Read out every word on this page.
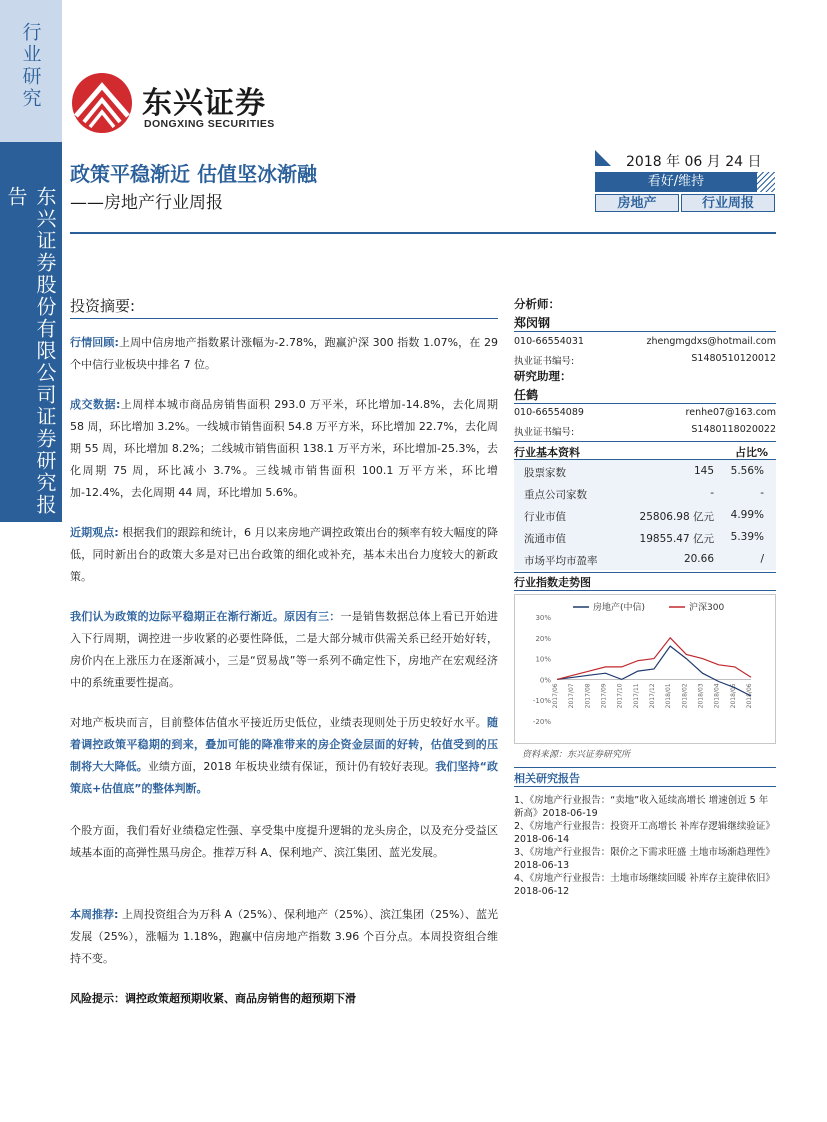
行业研究
东兴证券股份有限公司证券研究报告
东兴证券
DONGXING SECURITIES
政策平稳渐近 估值坚冰渐融
——房地产行业周报
2018 年 06 月 24 日
看好/维持
房地产	行业周报
投资摘要:
行情回顾:上周中信房地产指数累计涨幅为-2.78%，跑赢沪深 300 指数 1.07%，在 29 个中信行业板块中排名 7 位。
成交数据:上周样本城市商品房销售面积 293.0 万平米，环比增加-14.8%，去化周期 58 周，环比增加 3.2%。一线城市销售面积 54.8 万平方米，环比增加 22.7%，去化周期 55 周，环比增加 8.2%；二线城市销售面积 138.1 万平方米，环比增加-25.3%，去化周期 75 周，环比减小 3.7%。三线城市销售面积 100.1 万平方米，环比增加-12.4%，去化周期 44 周，环比增加 5.6%。
近期观点: 根据我们的跟踪和统计，6 月以来房地产调控政策出台的频率有较大幅度的降低，同时新出台的政策大多是对已出台政策的细化或补充，基本未出台力度较大的新政策。
我们认为政策的边际平稳期正在渐行渐近。原因有三：一是销售数据总体上看已开始进入下行周期，调控进一步收紧的必要性降低，二是大部分城市供需关系已经开始好转，房价内在上涨压力在逐渐减小，三是“贸易战”等一系列不确定性下，房地产在宏观经济中的系统重要性提高。
对地产板块而言，目前整体估值水平接近历史低位，业绩表现则处于历史较好水平。随着调控政策平稳期的到来，叠加可能的降准带来的房企资金层面的好转，估值受到的压制将大大降低。业绩方面，2018 年板块业绩有保证，预计仍有较好表现。我们坚持“政策底+估值底”的整体判断。
个股方面，我们看好业绩稳定性强、享受集中度提升逻辑的龙头房企，以及充分受益区域基本面的高弹性黑马房企。推荐万科 A、保利地产、滨江集团、蓝光发展。
本周推荐: 上周投资组合为万科 A（25%）、保利地产（25%）、滨江集团（25%）、蓝光发展（25%），涨幅为 1.18%，跑赢中信房地产指数 3.96 个百分点。本周投资组合维持不变。
风险提示：调控政策超预期收紧、商品房销售的超预期下滑
分析师：
郑闵钢
010-66554031	zhengmgdxs@hotmail.com
执业证书编号:	S1480510120012
研究助理：
任鹤
010-66554089	renhe07@163.com
执业证书编号:	S1480118020022
行业基本资料	占比%
股票家数	145 5.56%
重点公司家数	-	-
行业市值	25806.98 亿元 4.99%
流通市值	19855.47 亿元 5.39%
市场平均市盈率	20.66	/
行业指数走势图
30%
20%
10%
0%
-10%
-20%
2017/06 2017/07 2017/08 2017/09 2017/10 2017/11 2017/12 2018/01 2018/02 2018/03 2018/04 2018/05 2018/06
房地产(中信)	沪深300
资料来源：东兴证券研究所
相关研究报告
1、《房地产行业报告：“卖地”收入延续高增长 增速创近 5 年新高》2018-06-19
2、《房地产行业报告：投资开工高增长 补库存逻辑继续验证》2018-06-14
3、《房地产行业报告：限价之下需求旺盛 土地市场渐趋理性》2018-06-13
4、《房地产行业报告：土地市场继续回暖 补库存主旋律依旧》2018-06-12
